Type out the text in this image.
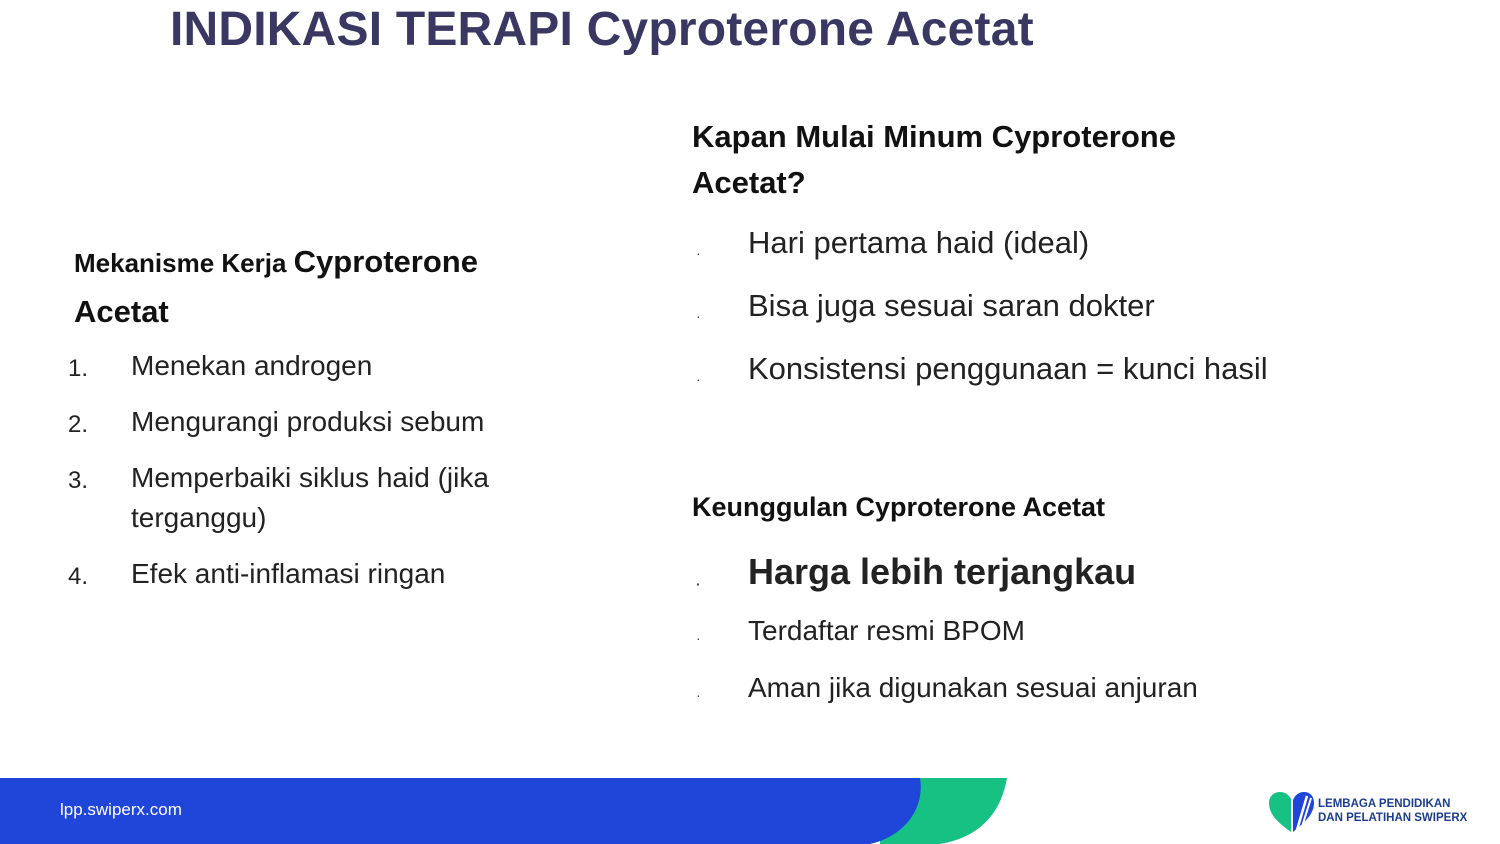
INDIKASI TERAPI Cyproterone Acetat
Mekanisme Kerja Cyproterone Acetat
1. Menekan androgen
2. Mengurangi produksi sebum
3. Memperbaiki siklus haid (jika terganggu)
4. Efek anti-inflamasi ringan
Kapan Mulai Minum Cyproterone Acetat?
· Hari pertama haid (ideal)
· Bisa juga sesuai saran dokter
· Konsistensi penggunaan = kunci hasil
Keunggulan Cyproterone Acetat
· Harga lebih terjangkau
· Terdaftar resmi BPOM
· Aman jika digunakan sesuai anjuran
lpp.swiperx.com	LEMBAGA PENDIDIKAN
DAN PELATIHAN SWIPERX
